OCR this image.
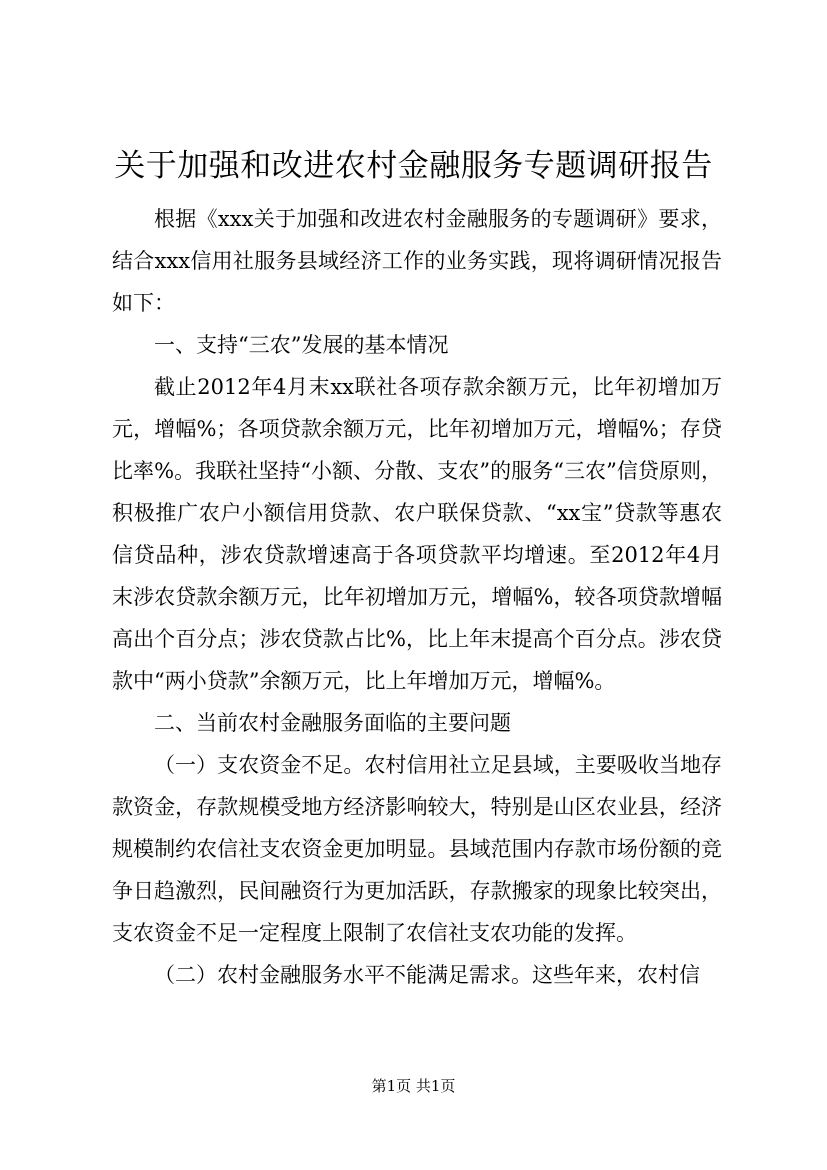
关于加强和改进农村金融服务专题调研报告

根据《xxx关于加强和改进农村金融服务的专题调研》要求，结合xxx信用社服务县域经济工作的业务实践，现将调研情况报告如下：

一、支持“三农”发展的基本情况

截止2012年4月末xx联社各项存款余额万元，比年初增加万元，增幅%；各项贷款余额万元，比年初增加万元，增幅%；存贷比率%。我联社坚持“小额、分散、支农”的服务“三农”信贷原则，积极推广农户小额信用贷款、农户联保贷款、“xx宝”贷款等惠农信贷品种，涉农贷款增速高于各项贷款平均增速。至2012年4月末涉农贷款余额万元，比年初增加万元，增幅%，较各项贷款增幅高出个百分点；涉农贷款占比%，比上年末提高个百分点。涉农贷款中“两小贷款”余额万元，比上年增加万元，增幅%。

二、当前农村金融服务面临的主要问题

（一）支农资金不足。农村信用社立足县域，主要吸收当地存款资金，存款规模受地方经济影响较大，特别是山区农业县，经济规模制约农信社支农资金更加明显。县域范围内存款市场份额的竞争日趋激烈，民间融资行为更加活跃，存款搬家的现象比较突出，支农资金不足一定程度上限制了农信社支农功能的发挥。

（二）农村金融服务水平不能满足需求。这些年来，农村信

第1页 共1页
